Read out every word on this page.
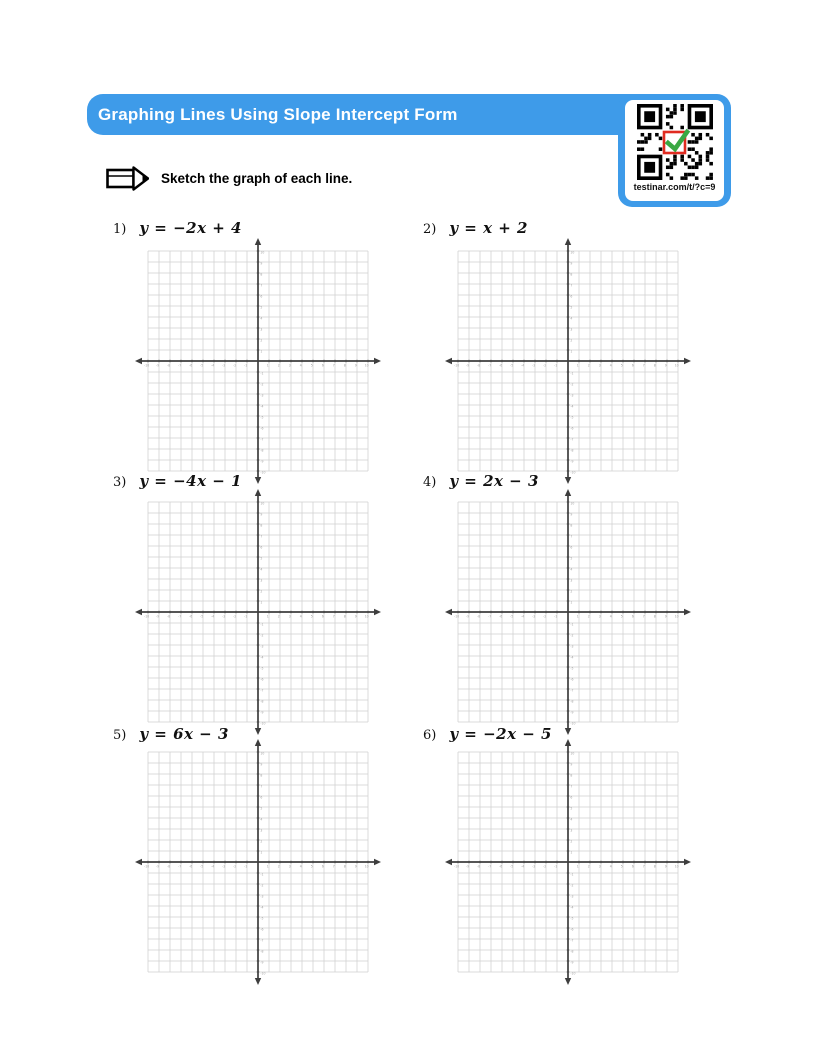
Graphing Lines Using Slope Intercept Form
testinar.com/t/?c=9
Sketch the graph of each line.
1) y = −2x + 4	2) y = x + 2
3) y = −4x − 1	4) y = 2x − 3
5) y = 6x − 3	6) y = −2x − 5
-10
-10
-9
-9
-8
-8
-7
-7
-6
-6
-5
-5
-4
-4
-3
-3
-2
-2
-1
-1
1
1
2
2
3
3
4
4
5
5
6
6
7
7
8
8
9
9
10
10
-10
-10
-9
-9
-8
-8
-7
-7
-6
-6
-5
-5
-4
-4
-3
-3
-2
-2
-1
-1
1
1
2
2
3
3
4
4
5
5
6
6
7
7
8
8
9
9
10
10
-10
-10
-9
-9
-8
-8
-7
-7
-6
-6
-5
-5
-4
-4
-3
-3
-2
-2
-1
-1
1
1
2
2
3
3
4
4
5
5
6
6
7
7
8
8
9
9
10
10
-10
-10
-9
-9
-8
-8
-7
-7
-6
-6
-5
-5
-4
-4
-3
-3
-2
-2
-1
-1
1
1
2
2
3
3
4
4
5
5
6
6
7
7
8
8
9
9
10
10
-10
-10
-9
-9
-8
-8
-7
-7
-6
-6
-5
-5
-4
-4
-3
-3
-2
-2
-1
-1
1
1
2
2
3
3
4
4
5
5
6
6
7
7
8
8
9
9
10
10
-10
-10
-9
-9
-8
-8
-7
-7
-6
-6
-5
-5
-4
-4
-3
-3
-2
-2
-1
-1
1
1
2
2
3
3
4
4
5
5
6
6
7
7
8
8
9
9
10
10
